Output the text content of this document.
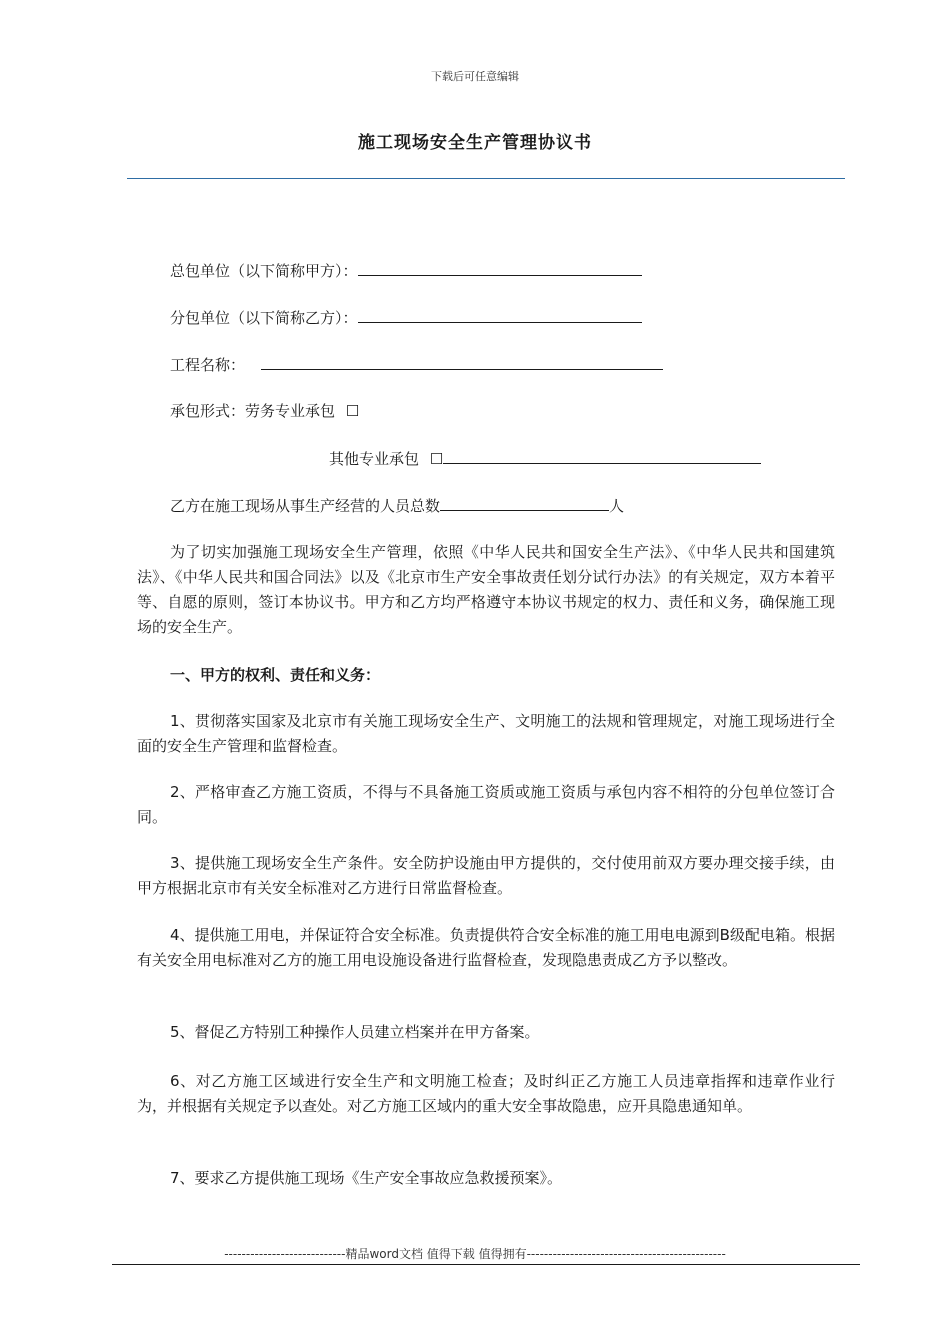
下载后可任意编辑
施工现场安全生产管理协议书
总包单位（以下简称甲方）：
分包单位（以下简称乙方）：
工程名称：
承包形式：劳务专业承包 ☐
其他专业承包 ☐
乙方在施工现场从事生产经营的人员总数	人

为了切实加强施工现场安全生产管理，依照《中华人民共和国安全生产法》、《中华人民共和国建筑法》、《中华人民共和国合同法》以及《北京市生产安全事故责任划分试行办法》的有关规定，双方本着平等、自愿的原则，签订本协议书。甲方和乙方均严格遵守本协议书规定的权力、责任和义务，确保施工现场的安全生产。

一、甲方的权利、责任和义务：

1、贯彻落实国家及北京市有关施工现场安全生产、文明施工的法规和管理规定，对施工现场进行全面的安全生产管理和监督检查。

2、严格审查乙方施工资质，不得与不具备施工资质或施工资质与承包内容不相符的分包单位签订合同。

3、提供施工现场安全生产条件。安全防护设施由甲方提供的，交付使用前双方要办理交接手续，由甲方根据北京市有关安全标准对乙方进行日常监督检查。

4、提供施工用电，并保证符合安全标准。负责提供符合安全标准的施工用电电源到B级配电箱。根据有关安全用电标准对乙方的施工用电设施设备进行监督检查，发现隐患责成乙方予以整改。

5、督促乙方特别工种操作人员建立档案并在甲方备案。

6、对乙方施工区域进行安全生产和文明施工检查；及时纠正乙方施工人员违章指挥和违章作业行为，并根据有关规定予以查处。对乙方施工区域内的重大安全事故隐患，应开具隐患通知单。

7、要求乙方提供施工现场《生产安全事故应急救援预案》。

----------------------------精品word文档 值得下载 值得拥有----------------------------------------------
